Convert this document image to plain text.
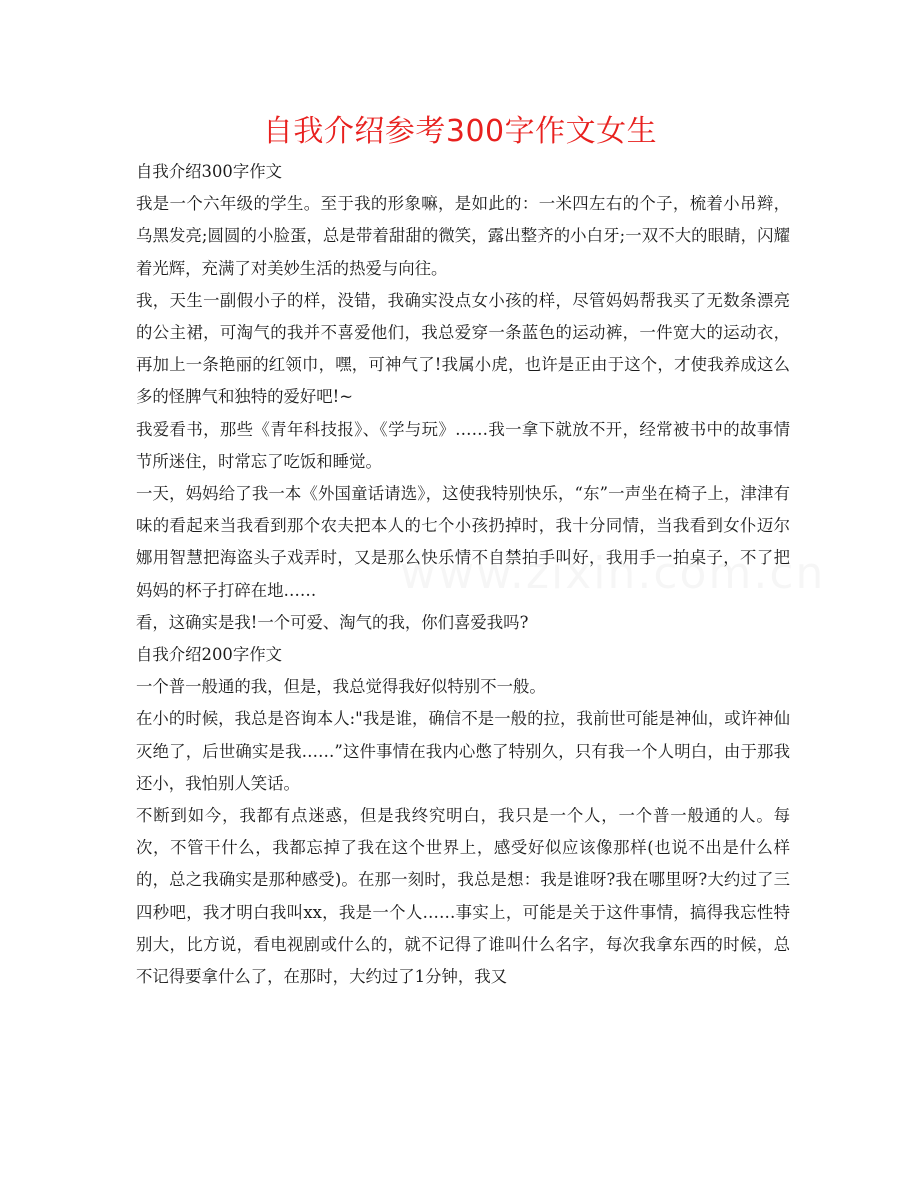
自我介绍参考300字作文女生

自我介绍300字作文

我是一个六年级的学生。至于我的形象嘛，是如此的：一米四左右的个子，梳着小吊辫，乌黑发亮;圆圆的小脸蛋，总是带着甜甜的微笑，露出整齐的小白牙;一双不大的眼睛，闪耀着光辉，充满了对美妙生活的热爱与向往。

我，天生一副假小子的样，没错，我确实没点女小孩的样，尽管妈妈帮我买了无数条漂亮的公主裙，可淘气的我并不喜爱他们，我总爱穿一条蓝色的运动裤，一件宽大的运动衣，再加上一条艳丽的红领巾，嘿，可神气了!我属小虎，也许是正由于这个，才使我养成这么多的怪脾气和独特的爱好吧!~

我爱看书，那些《青年科技报》、《学与玩》……我一拿下就放不开，经常被书中的故事情节所迷住，时常忘了吃饭和睡觉。

一天，妈妈给了我一本《外国童话请选》，这使我特别快乐，“东”一声坐在椅子上，津津有味的看起来当我看到那个农夫把本人的七个小孩扔掉时，我十分同情，当我看到女仆迈尔娜用智慧把海盗头子戏弄时，又是那么快乐情不自禁拍手叫好，我用手一拍桌子，不了把妈妈的杯子打碎在地……

看，这确实是我!一个可爱、淘气的我，你们喜爱我吗?

自我介绍200字作文

一个普一般通的我，但是，我总觉得我好似特别不一般。

在小的时候，我总是咨询本人:"我是谁，确信不是一般的拉，我前世可能是神仙，或许神仙灭绝了，后世确实是我……”这件事情在我内心憋了特别久，只有我一个人明白，由于那我还小，我怕别人笑话。

不断到如今，我都有点迷惑，但是我终究明白，我只是一个人，一个普一般通的人。每次，不管干什么，我都忘掉了我在这个世界上，感受好似应该像那样(也说不出是什么样的，总之我确实是那种感受)。在那一刻时，我总是想：我是谁呀?我在哪里呀?大约过了三四秒吧，我才明白我叫xx，我是一个人……事实上，可能是关于这件事情，搞得我忘性特别大，比方说，看电视剧或什么的，就不记得了谁叫什么名字，每次我拿东西的时候，总不记得要拿什么了，在那时，大约过了1分钟，我又
